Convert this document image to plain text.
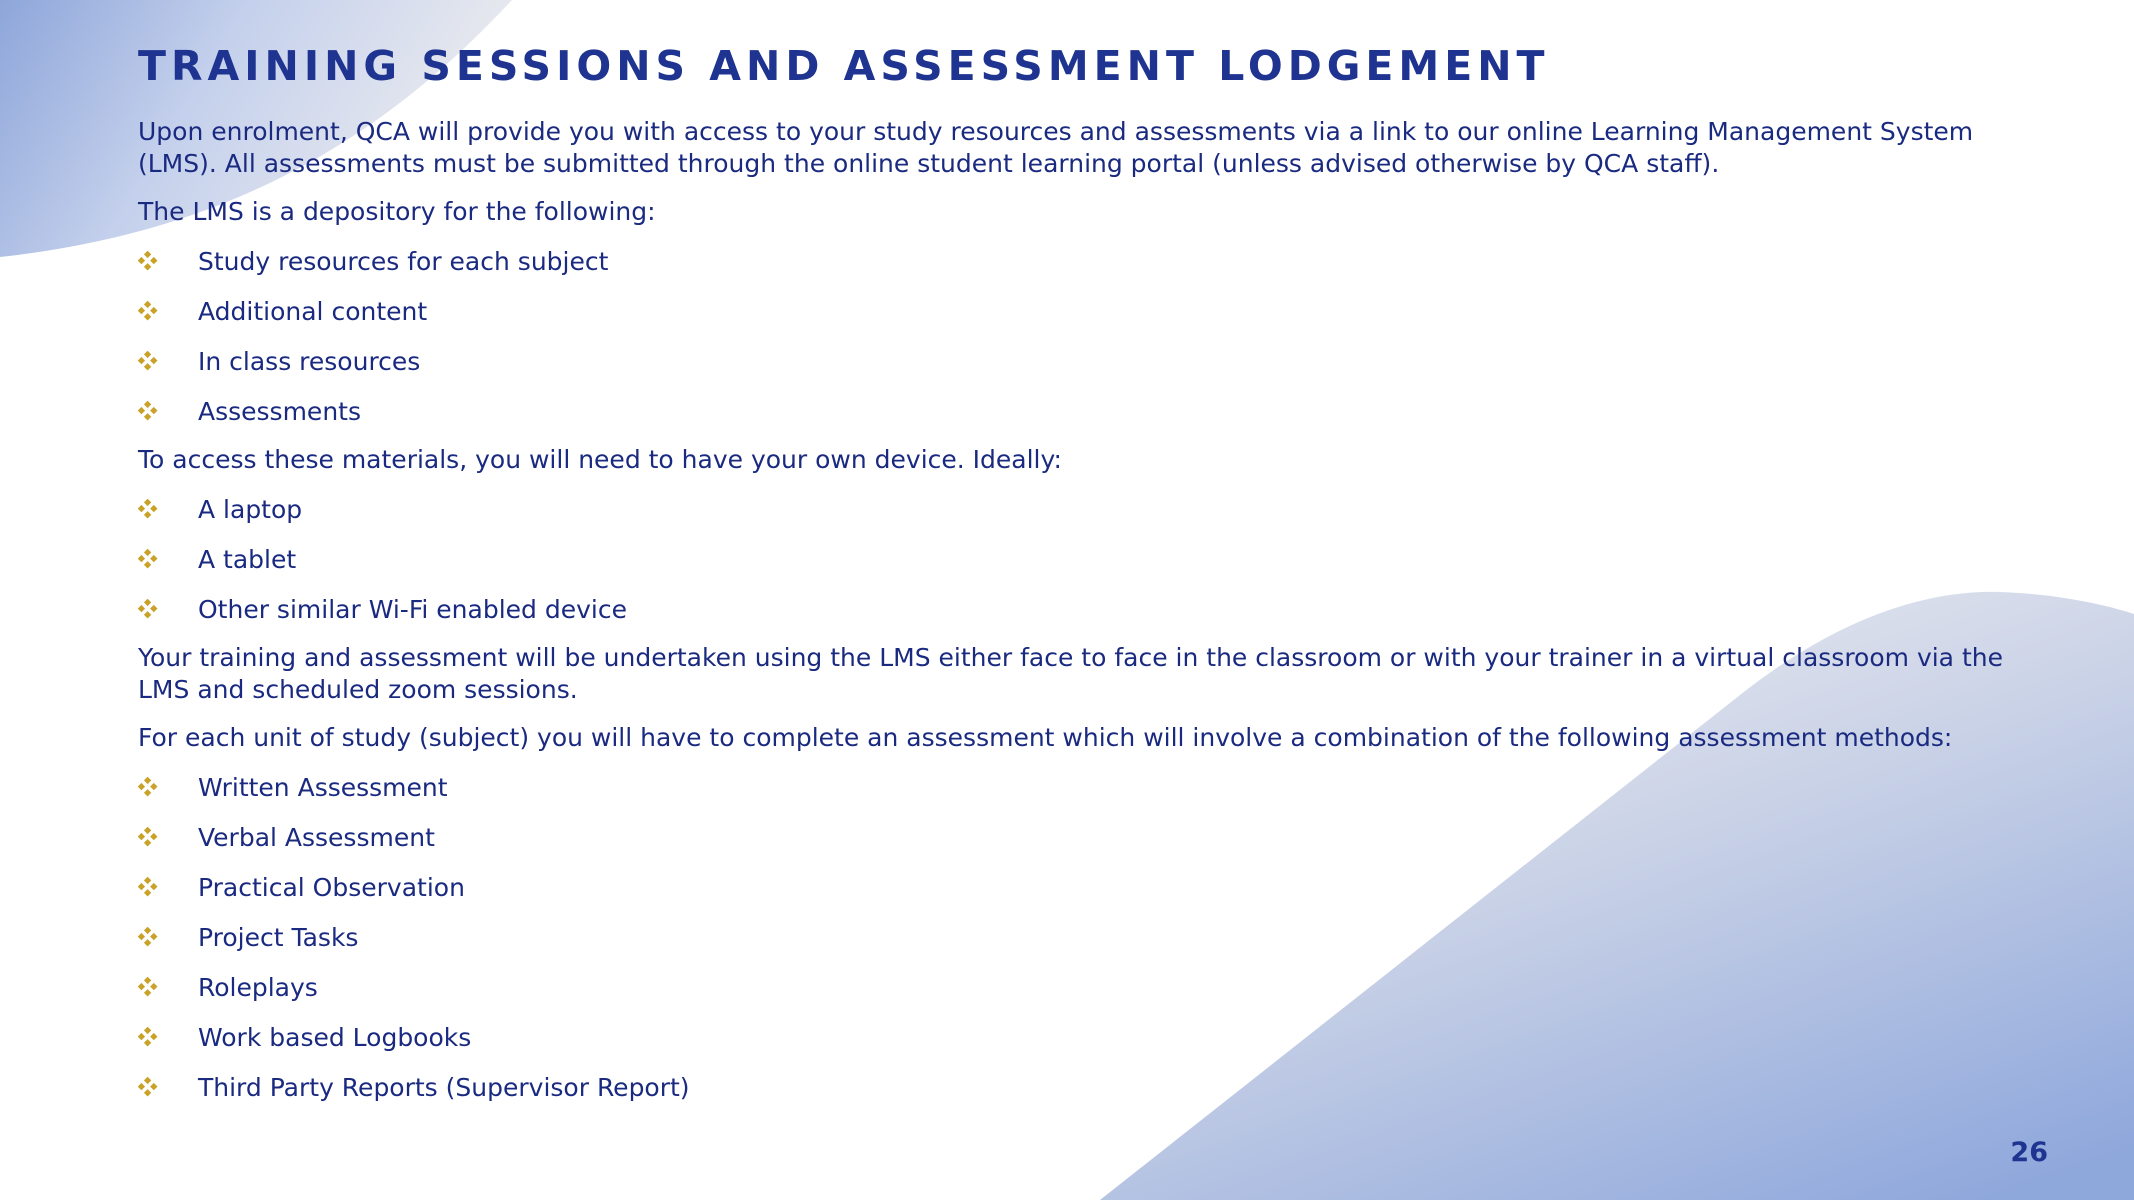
TRAINING SESSIONS AND ASSESSMENT LODGEMENT

Upon enrolment, QCA will provide you with access to your study resources and assessments via a link to our online Learning Management System (LMS). All assessments must be submitted through the online student learning portal (unless advised otherwise by QCA staff).

The LMS is a depository for the following:

Study resources for each subject
Additional content
In class resources
Assessments

To access these materials, you will need to have your own device. Ideally:

A laptop
A tablet
Other similar Wi-Fi enabled device

Your training and assessment will be undertaken using the LMS either face to face in the classroom or with your trainer in a virtual classroom via the LMS and scheduled zoom sessions.

For each unit of study (subject) you will have to complete an assessment which will involve a combination of the following assessment methods:

Written Assessment
Verbal Assessment
Practical Observation
Project Tasks
Roleplays
Work based Logbooks
Third Party Reports (Supervisor Report)
26
